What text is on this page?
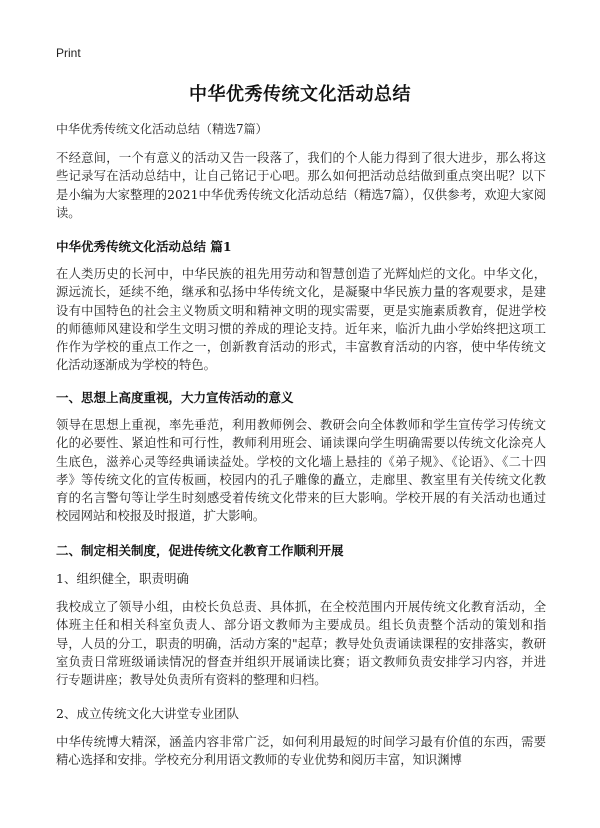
Print
中华优秀传统文化活动总结
中华优秀传统文化活动总结（精选7篇）
不经意间，一个有意义的活动又告一段落了，我们的个人能力得到了很大进步，那么将这些记录写在活动总结中，让自己铭记于心吧。那么如何把活动总结做到重点突出呢？以下是小编为大家整理的2021中华优秀传统文化活动总结（精选7篇），仅供参考，欢迎大家阅读。
中华优秀传统文化活动总结 篇1
在人类历史的长河中，中华民族的祖先用劳动和智慧创造了光辉灿烂的文化。中华文化，源远流长，延续不绝，继承和弘扬中华传统文化，是凝聚中华民族力量的客观要求，是建设有中国特色的社会主义物质文明和精神文明的现实需要，更是实施素质教育，促进学校的师德师风建设和学生文明习惯的养成的理论支持。近年来，临沂九曲小学始终把这项工作作为学校的重点工作之一，创新教育活动的形式，丰富教育活动的内容，使中华传统文化活动逐渐成为学校的特色。
一、思想上高度重视，大力宣传活动的意义
领导在思想上重视，率先垂范，利用教师例会、教研会向全体教师和学生宣传学习传统文化的必要性、紧迫性和可行性，教师利用班会、诵读课向学生明确需要以传统文化涂亮人生底色，滋养心灵等经典诵读益处。学校的文化墙上悬挂的《弟子规》、《论语》、《二十四孝》等传统文化的宣传板画，校园内的孔子雕像的矗立，走廊里、教室里有关传统文化教育的名言警句等让学生时刻感受着传统文化带来的巨大影响。学校开展的有关活动也通过校园网站和校报及时报道，扩大影响。
二、制定相关制度，促进传统文化教育工作顺利开展
1、组织健全，职责明确
我校成立了领导小组，由校长负总责、具体抓，在全校范围内开展传统文化教育活动，全体班主任和相关科室负责人、部分语文教师为主要成员。组长负责整个活动的策划和指导，人员的分工，职责的明确，活动方案的"起草；教导处负责诵读课程的安排落实，教研室负责日常班级诵读情况的督查并组织开展诵读比赛；语文教师负责安排学习内容，并进行专题讲座；教导处负责所有资料的整理和归档。
2、成立传统文化大讲堂专业团队
中华传统博大精深，涵盖内容非常广泛，如何利用最短的时间学习最有价值的东西，需要精心选择和安排。学校充分利用语文教师的专业优势和阅历丰富，知识渊博
